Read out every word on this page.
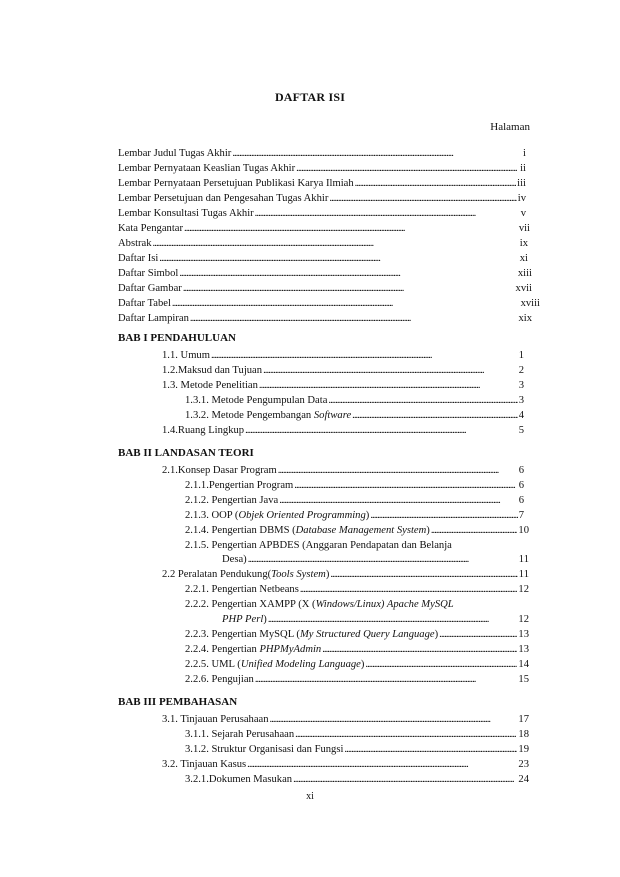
DAFTAR ISI
Halaman
Lembar Judul Tugas Akhir . . .	i
Lembar Pernyataan Keaslian Tugas Akhir . . .	ii
Lembar Pernyataan Persetujuan Publikasi Karya Ilmiah . . .	iii
Lembar Persetujuan dan Pengesahan Tugas Akhir . . .	iv
Lembar Konsultasi Tugas Akhir . . .	v
Kata Pengantar . . .	vii
Abstrak . . .	ix
Daftar Isi . . .	xi
Daftar Simbol . . .	xiii
Daftar Gambar . . .	xvii
Daftar Tabel . . .	xviii
Daftar Lampiran . . .	xix
BAB I PENDAHULUAN
1.1. Umum . . .	1
1.2.Maksud dan Tujuan . . .	2
1.3. Metode Penelitian . . .	3
1.3.1. Metode Pengumpulan Data . . .	3
1.3.2. Metode Pengembangan Software . . .	4
1.4.Ruang Lingkup . . .	5
BAB II LANDASAN TEORI
2.1.Konsep Dasar Program . . .	6
2.1.1.Pengertian Program . . .	6
2.1.2. Pengertian Java . . .	6
2.1.3. OOP (Objek Oriented Programming) . . .	7
2.1.4. Pengertian DBMS (Database Management System) . . .	10
2.1.5. Pengertian APBDES (Anggaran Pendapatan dan Belanja
Desa) . . .	11
2.2 Peralatan Pendukung(Tools System) . . .	11
2.2.1. Pengertian Netbeans . . .	12
2.2.2. Pengertian XAMPP (X (Windows/Linux) Apache MySQL
PHP Perl) . . .	12
2.2.3. Pengertian MySQL (My Structured Query Language) . . .	13
2.2.4. Pengertian PHPMyAdmin . . .	13
2.2.5. UML (Unified Modeling Language) . . .	14
2.2.6. Pengujian . . .	15
BAB III PEMBAHASAN
3.1. Tinjauan Perusahaan . . .	17
3.1.1. Sejarah Perusahaan . . .	18
3.1.2. Struktur Organisasi dan Fungsi . . .	19
3.2. Tinjauan Kasus . . .	23
3.2.1.Dokumen Masukan . . .	24
xi
